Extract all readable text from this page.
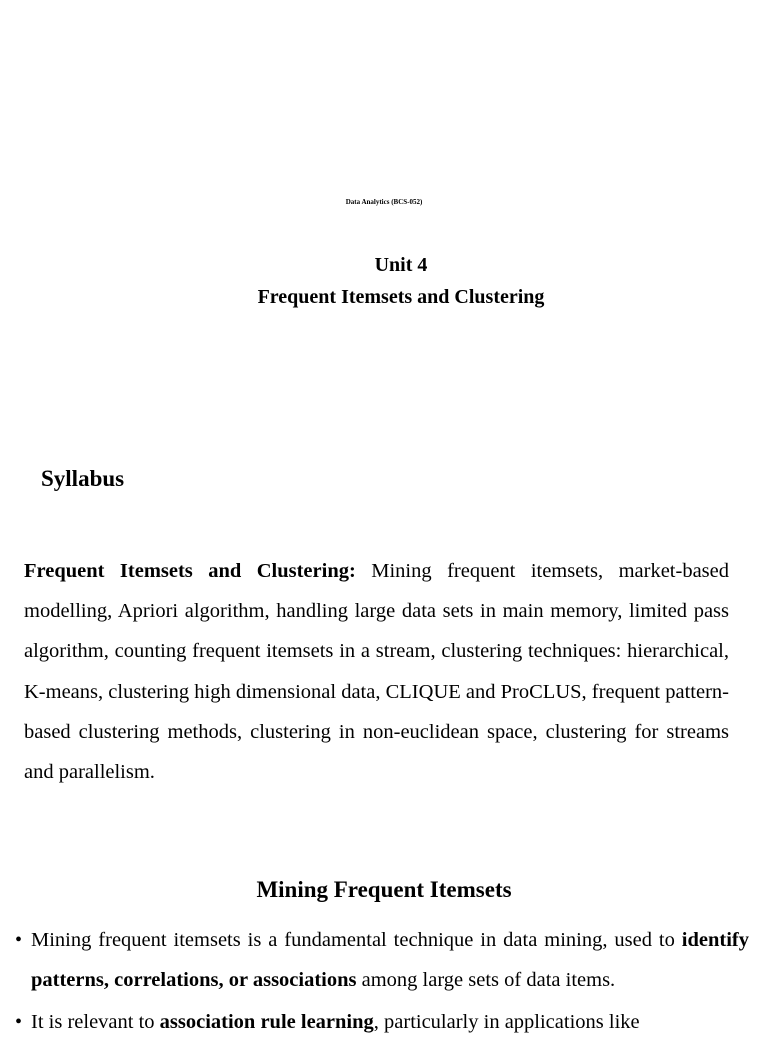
Data Analytics (BCS-052)
Unit 4
Frequent Itemsets and Clustering
Syllabus

Frequent Itemsets and Clustering: Mining frequent itemsets, market-based modelling, Apriori algorithm, handling large data sets in main memory, limited pass algorithm, counting frequent itemsets in a stream, clustering techniques: hierarchical, K-means, clustering high dimensional data, CLIQUE and ProCLUS, frequent pattern-based clustering methods, clustering in non-euclidean space, clustering for streams and parallelism.

Mining Frequent Itemsets
• Mining frequent itemsets is a fundamental technique in data mining, used to identify patterns, correlations, or associations among large sets of data items.
• It is relevant to association rule learning, particularly in applications like
